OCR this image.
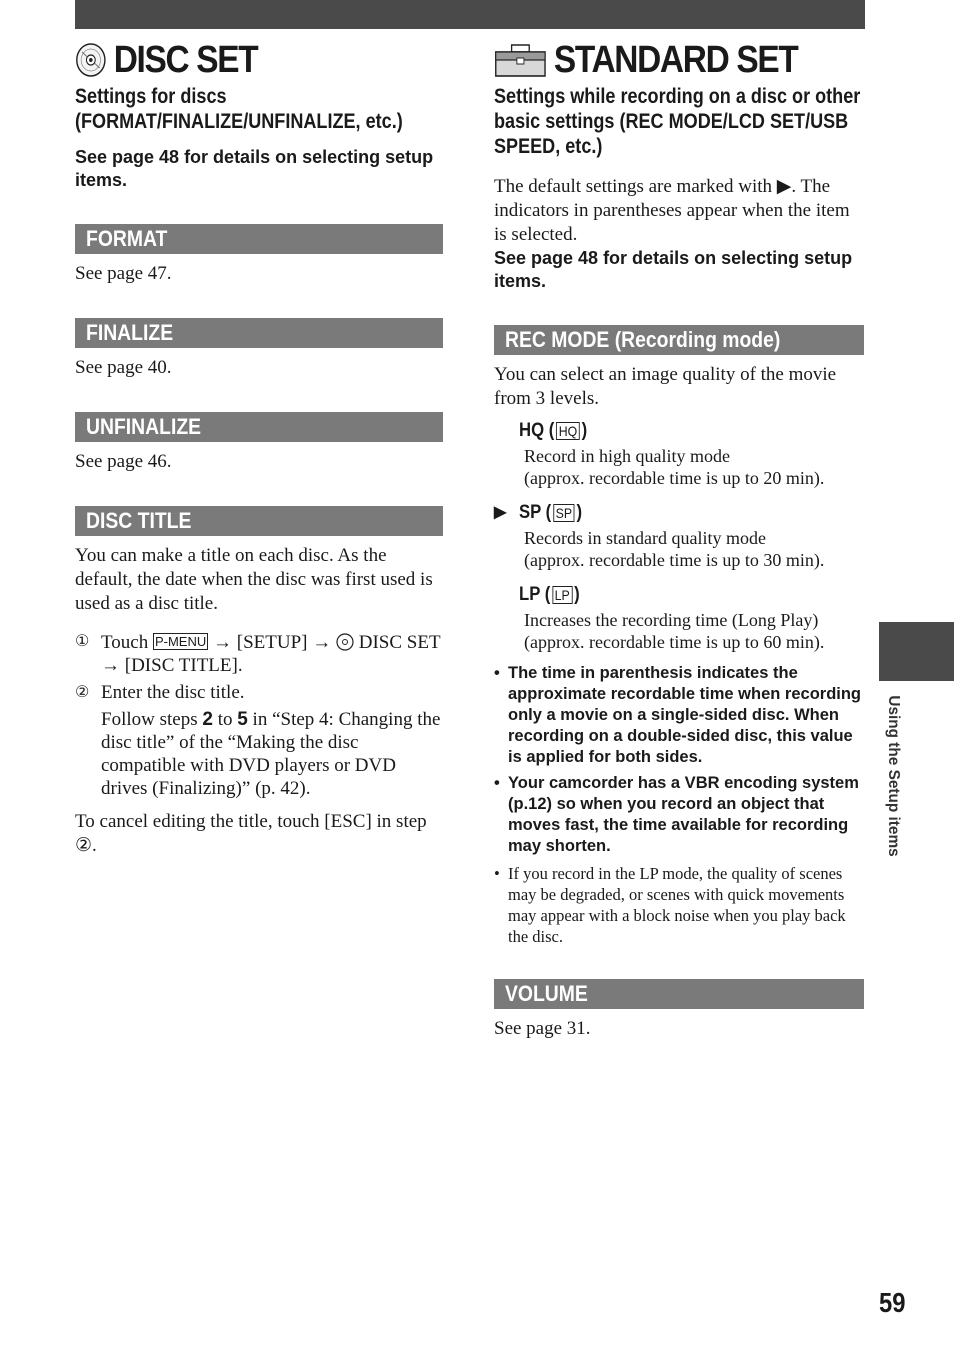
DISC SET
Settings for discs (FORMAT/FINALIZE/UNFINALIZE, etc.)
See page 48 for details on selecting setup items.
FORMAT

See page 47.

FINALIZE

See page 40.

UNFINALIZE

See page 46.

DISC TITLE

You can make a title on each disc. As the default, the date when the disc was first used is used as a disc title.

① Touch P-MENU → [SETUP] → DISC SET → [DISC TITLE].
② Enter the disc title.
Follow steps 2 to 5 in “Step 4: Changing the disc title” of the “Making the disc compatible with DVD players or DVD drives (Finalizing)” (p. 42).

To cancel editing the title, touch [ESC] in step ②.

STANDARD SET
Settings while recording on a disc or other basic settings (REC MODE/LCD SET/USB SPEED, etc.)

The default settings are marked with ▶. The indicators in parentheses appear when the item is selected.

See page 48 for details on selecting setup items.
REC MODE (Recording mode)

You can select an image quality of the movie from 3 levels.

HQ ( HQ )
Record in high quality mode
(approx. recordable time is up to 20 min).
▶ SP ( SP )
Records in standard quality mode
(approx. recordable time is up to 30 min).
LP ( LP )
Increases the recording time (Long Play)
(approx. recordable time is up to 60 min).
• The time in parenthesis indicates the approximate recordable time when recording only a movie on a single-sided disc. When recording on a double-sided disc, this value is applied for both sides.
• Your camcorder has a VBR encoding system (p.12) so when you record an object that moves fast, the time available for recording may shorten.
• If you record in the LP mode, the quality of scenes may be degraded, or scenes with quick movements may appear with a block noise when you play back the disc.
VOLUME

See page 31.

Using the Setup items
59
